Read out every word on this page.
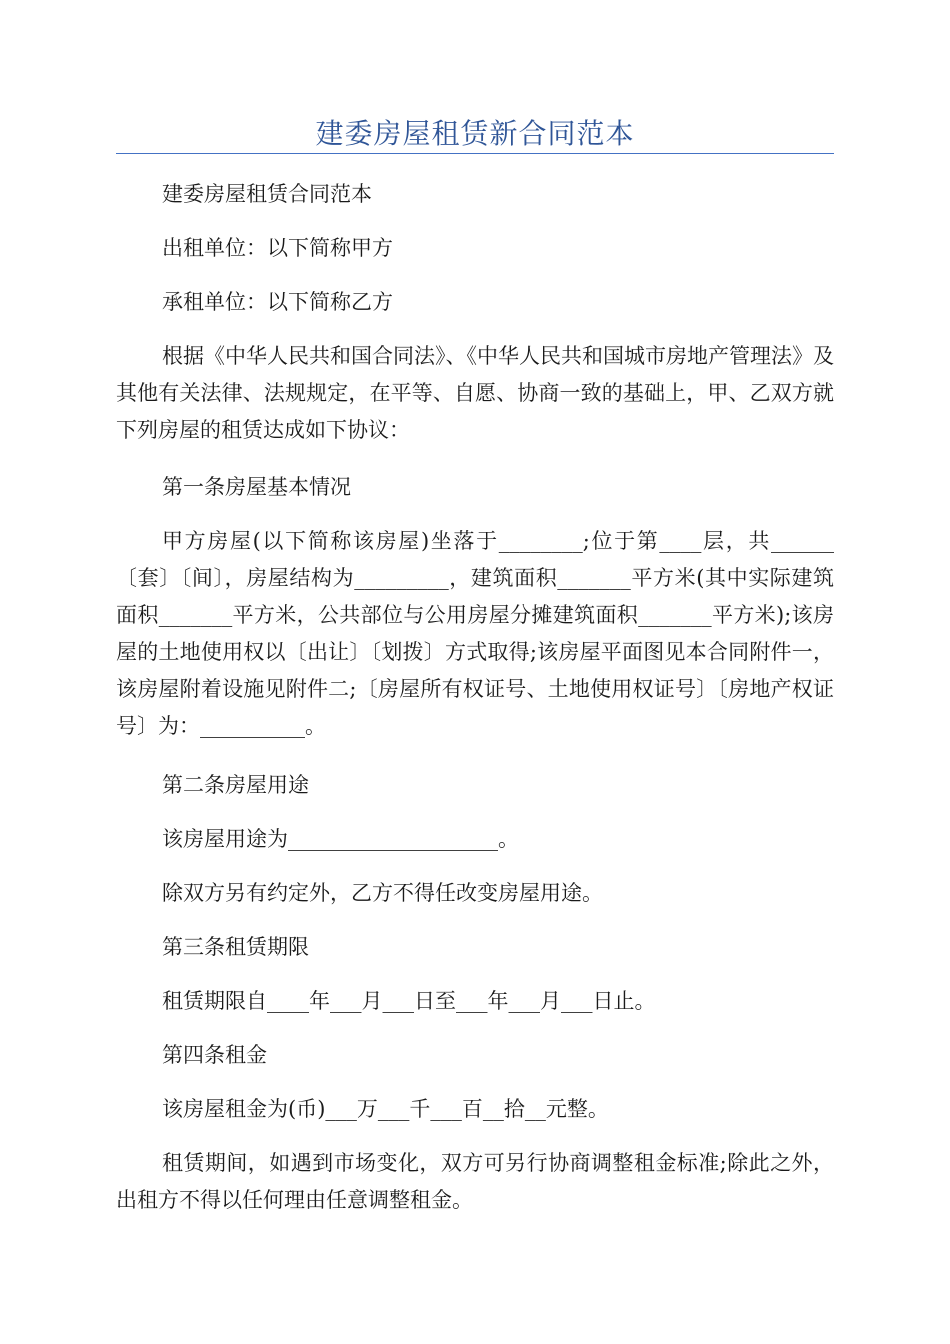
建委房屋租赁新合同范本
建委房屋租赁合同范本
出租单位：以下简称甲方
承租单位：以下简称乙方
根据《中华人民共和国合同法》、《中华人民共和国城市房地产管理法》及其他有关法律、法规规定，在平等、自愿、协商一致的基础上，甲、乙双方就下列房屋的租赁达成如下协议：
第一条房屋基本情况
甲方房屋(以下简称该房屋)坐落于________;位于第____层，共______〔套〕〔间〕，房屋结构为_________，建筑面积_______平方米(其中实际建筑面积_______平方米，公共部位与公用房屋分摊建筑面积_______平方米);该房屋的土地使用权以〔出让〕〔划拨〕方式取得;该房屋平面图见本合同附件一，该房屋附着设施见附件二;〔房屋所有权证号、土地使用权证号〕〔房地产权证号〕为：__________。
第二条房屋用途
该房屋用途为____________________。
除双方另有约定外，乙方不得任改变房屋用途。
第三条租赁期限
租赁期限自____年___月___日至___年___月___日止。
第四条租金
该房屋租金为(币)___万___千___百__拾__元整。
租赁期间，如遇到市场变化，双方可另行协商调整租金标准;除此之外，出租方不得以任何理由任意调整租金。
